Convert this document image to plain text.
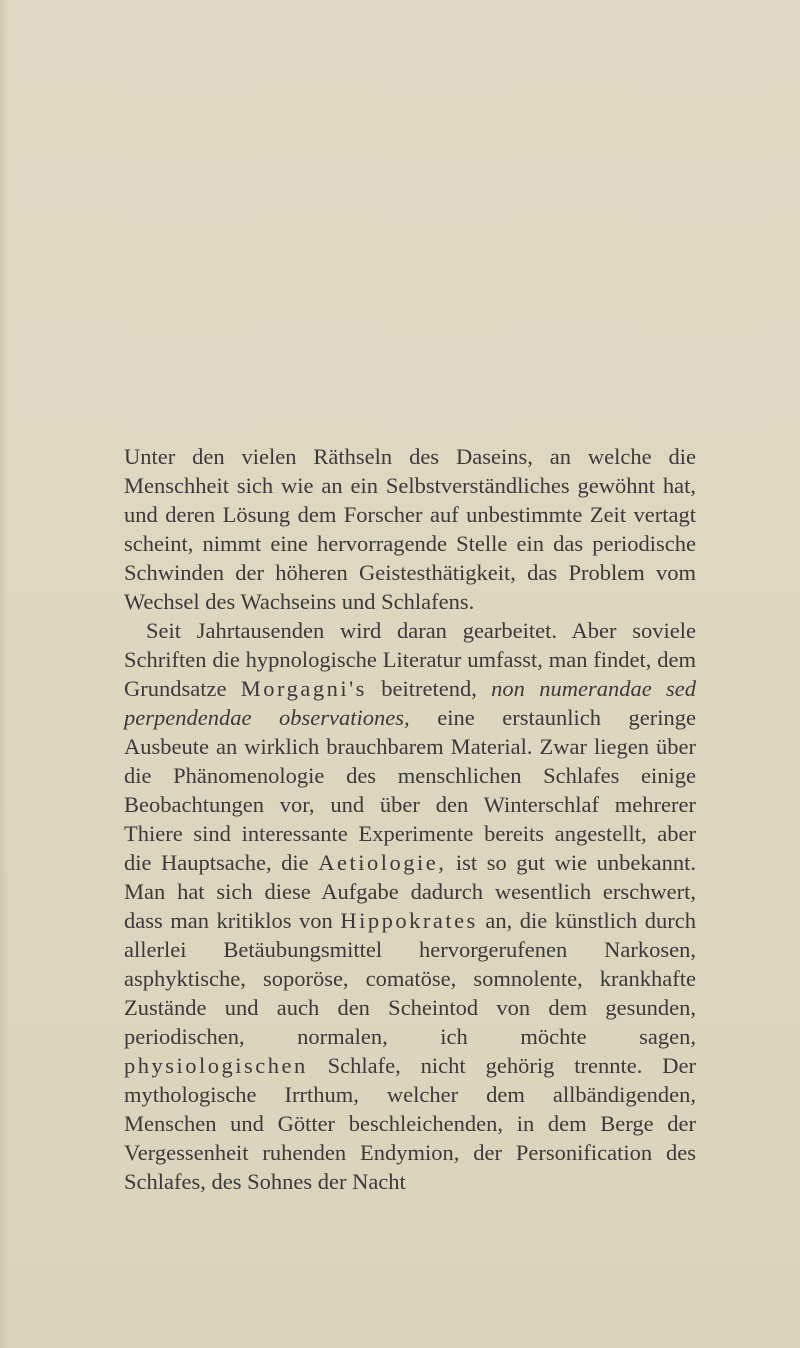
Unter den vielen Räthseln des Daseins, an welche die Menschheit sich wie an ein Selbstverständliches gewöhnt hat, und deren Lösung dem Forscher auf unbestimmte Zeit vertagt scheint, nimmt eine hervorragende Stelle ein das periodische Schwinden der höheren Geistesthätigkeit, das Problem vom Wechsel des Wachseins und Schlafens.

Seit Jahrtausenden wird daran gearbeitet. Aber soviele Schriften die hypnologische Literatur umfasst, man findet, dem Grundsatze Morgagni's beitretend, non numerandae sed perpendendae observationes, eine erstaunlich geringe Ausbeute an wirklich brauchbarem Material. Zwar liegen über die Phänomenologie des menschlichen Schlafes einige Beobachtungen vor, und über den Winterschlaf mehrerer Thiere sind interessante Experimente bereits angestellt, aber die Hauptsache, die Aetiologie, ist so gut wie unbekannt. Man hat sich diese Aufgabe dadurch wesentlich erschwert, dass man kritiklos von Hippokrates an, die künstlich durch allerlei Betäubungsmittel hervorgerufenen Narkosen, asphyktische, soporöse, comatöse, somnolente, krankhafte Zustände und auch den Scheintod von dem gesunden, periodischen, normalen, ich möchte sagen, physiologischen Schlafe, nicht gehörig trennte. Der mythologische Irrthum, welcher dem allbändigenden, Menschen und Götter beschleichenden, in dem Berge der Vergessenheit ruhenden Endymion, der Personification des Schlafes, des Sohnes der Nacht
